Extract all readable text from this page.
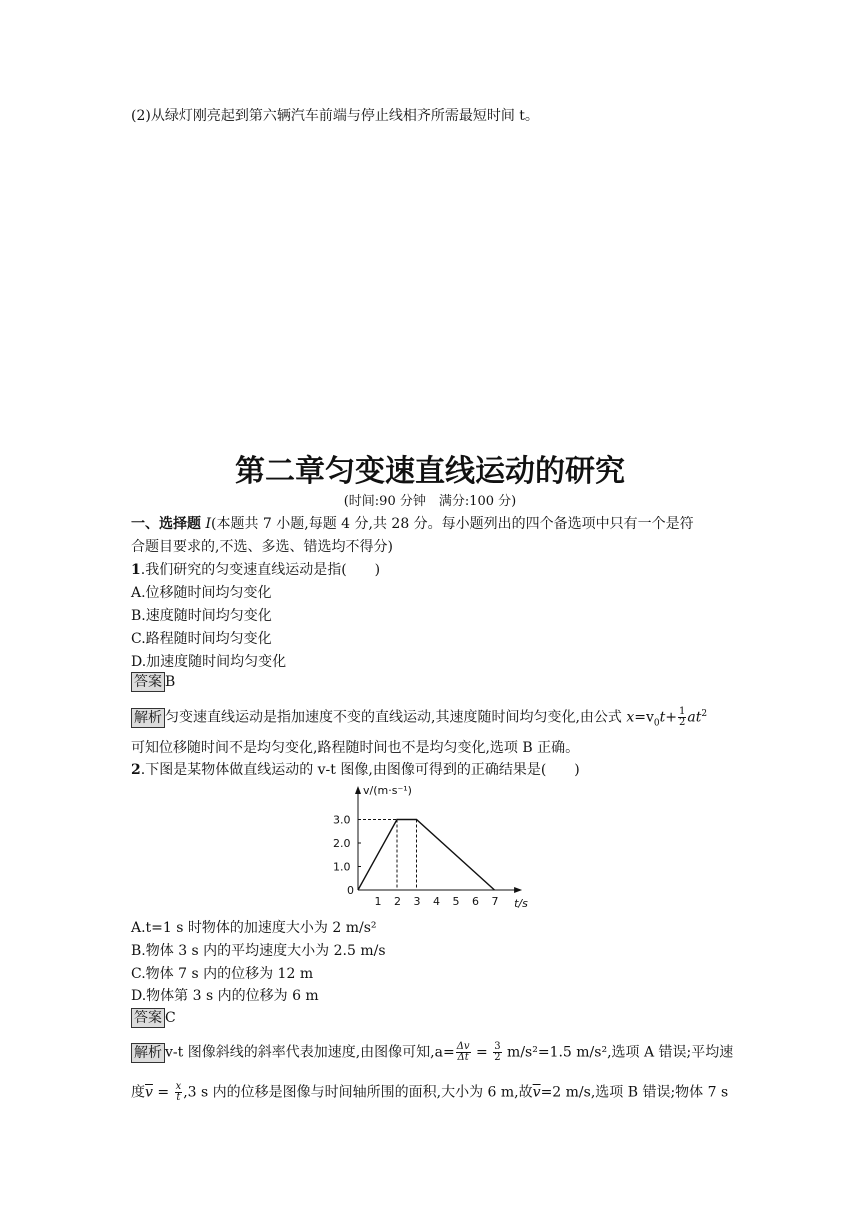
(2)从绿灯刚亮起到第六辆汽车前端与停止线相齐所需最短时间 t。
第二章匀变速直线运动的研究
(时间:90 分钟　满分:100 分)
一、选择题 Ⅰ(本题共 7 小题,每题 4 分,共 28 分。每小题列出的四个备选项中只有一个是符
合题目要求的,不选、多选、错选均不得分)
1.我们研究的匀变速直线运动是指(　　)
A.位移随时间均匀变化
B.速度随时间均匀变化
C.路程随时间均匀变化
D.加速度随时间均匀变化
答案 B
解析 匀变速直线运动是指加速度不变的直线运动,其速度随时间均匀变化,由公式 $x=v_0t+ \frac{1}{2} at^2$
可知位移随时间不是均匀变化,路程随时间也不是均匀变化,选项 B 正确。
2.下图是某物体做直线运动的 v-t 图像,由图像可得到的正确结果是(　　)
v/(m·s⁻¹)
t/s
0
1 2 3 4 5 6 7
1.0
2.0
3.0
A.t=1 s 时物体的加速度大小为 2 m/s²
B.物体 3 s 内的平均速度大小为 2.5 m/s
C.物体 7 s 内的位移为 12 m
D.物体第 3 s 内的位移为 6 m
答案 C
解析 v-t 图像斜线的斜率代表加速度,由图像可知$,a= \frac{\Delta v}{\Delta t} = \frac{3}{2} m/s^2=1.5$ m/s²,选项 A 错误;平均速
度$\overline{v} = \frac{x}{t} ,3$ s 内的位移是图像与时间轴所围的面积,大小为 6 m,故$\overline{v}=2$ m/s,选项 B 错误;物体 7 s
